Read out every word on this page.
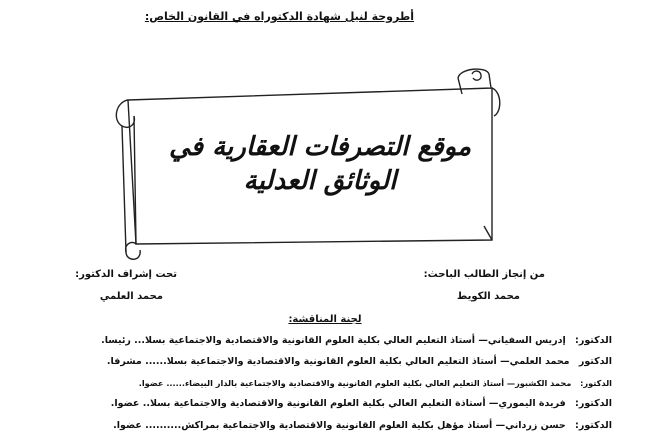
أطروحة لنيل شهادة الدكتوراه في القانون الخاص:
موقع التصرفات العقارية في
الوثائق العدلية
من إنجاز الطالب الباحث:
محمد الكويط
تحت إشراف الدكتور:
محمد العلمي
لجنة المناقشة:
الدكتور: إدريس السفياني— أستاذ التعليم العالي بكلية العلوم القانونية والاقتصادية والاجتماعية بسلا... رئيسا.
الدكتور محمد العلمي— أستاذ التعليم العالي بكلية العلوم القانونية والاقتصادية والاجتماعية بسلا...... مشرفا.
الدكتور: محمد الكشبور— أستاذ التعليم العالي بكلية العلوم القانونية والاقتصادية والاجتماعية بالدار البيضاء...... عضوا.
الدكتور: فريدة اليموري— أستاذة التعليم العالي بكلية العلوم القانونية والاقتصادية والاجتماعية بسلا.. عضوا.
الدكتور: حسن زرداني— أستاذ مؤهل بكلية العلوم القانونية والاقتصادية والاجتماعية بمراكش.......... عضوا.
